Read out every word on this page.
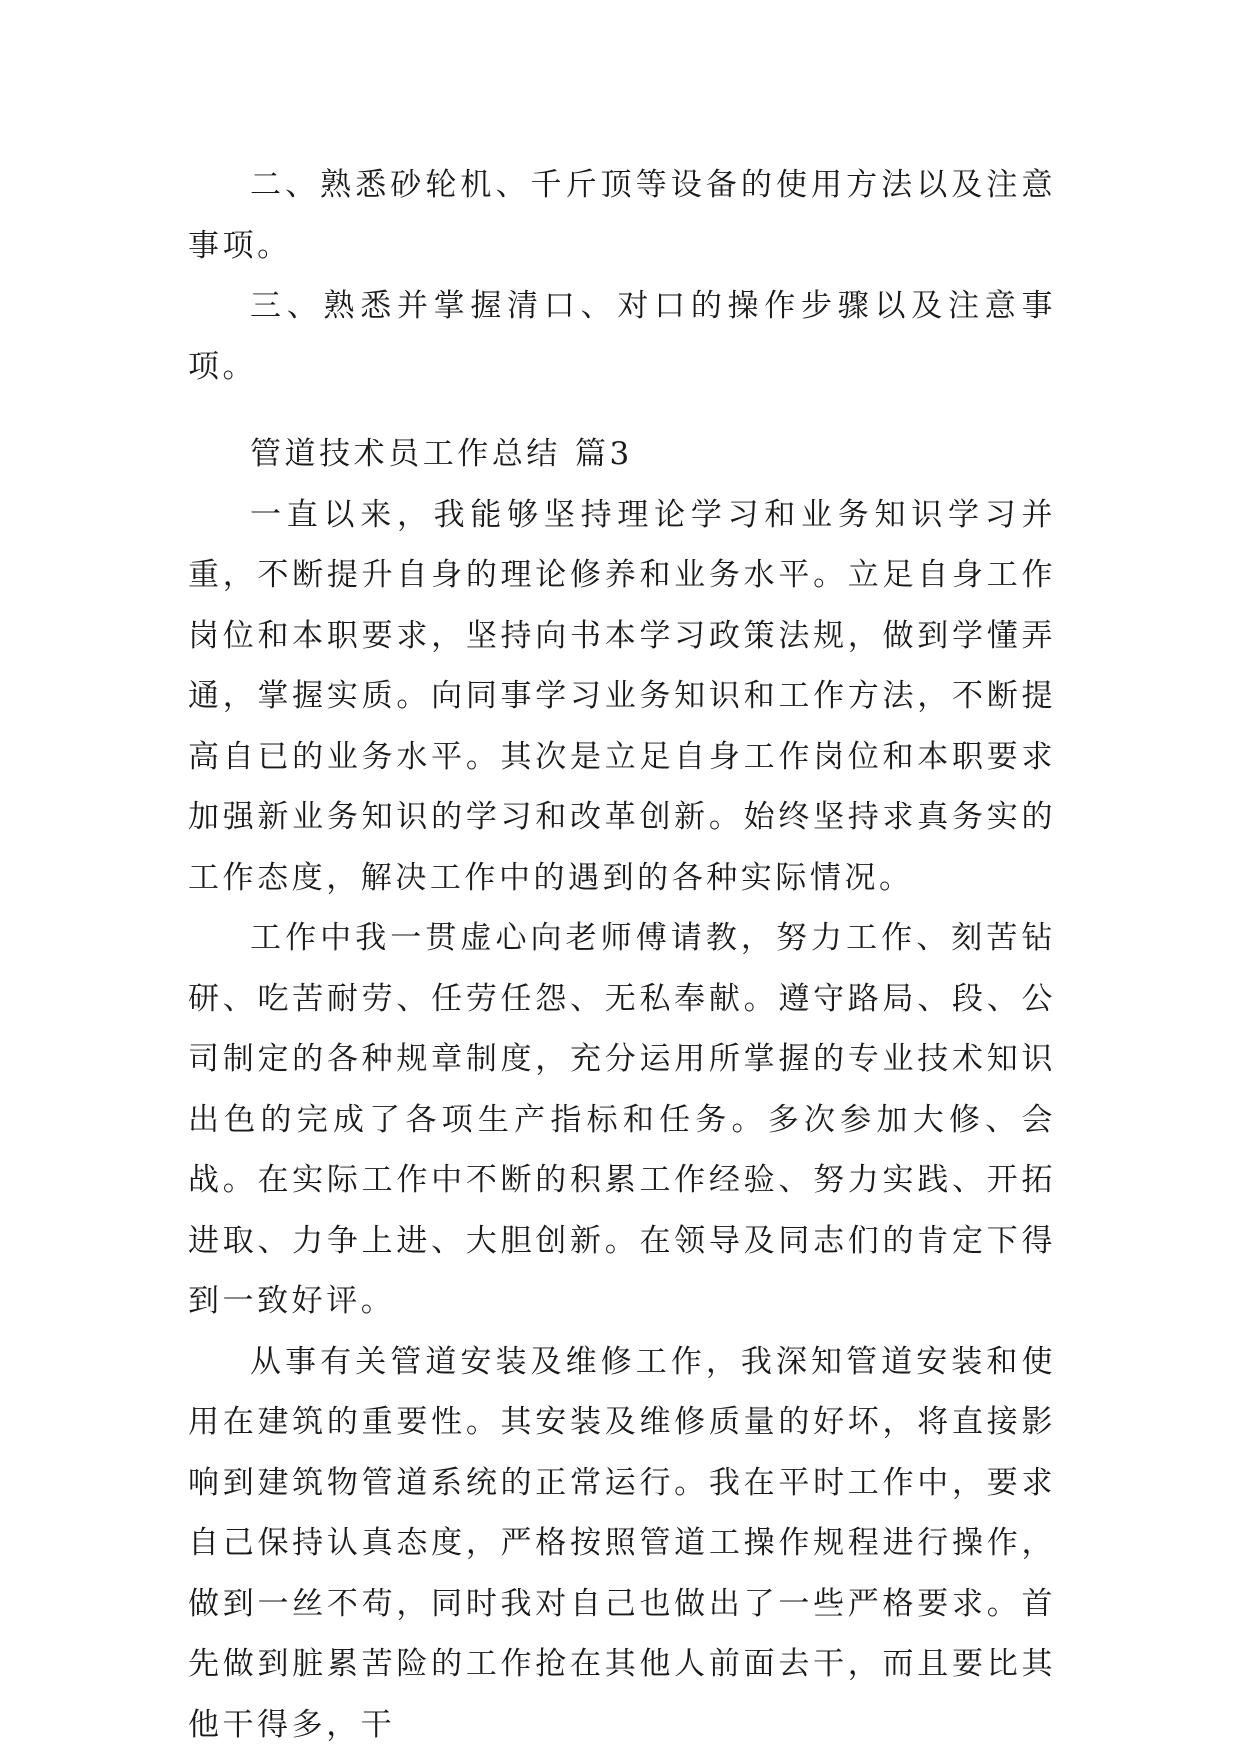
二、熟悉砂轮机、千斤顶等设备的使用方法以及注意事项。

三、熟悉并掌握清口、对口的操作步骤以及注意事项。

管道技术员工作总结 篇3

一直以来，我能够坚持理论学习和业务知识学习并重，不断提升自身的理论修养和业务水平。立足自身工作岗位和本职要求，坚持向书本学习政策法规，做到学懂弄通，掌握实质。向同事学习业务知识和工作方法，不断提高自已的业务水平。其次是立足自身工作岗位和本职要求加强新业务知识的学习和改革创新。始终坚持求真务实的工作态度，解决工作中的遇到的各种实际情况。

工作中我一贯虚心向老师傅请教，努力工作、刻苦钻研、吃苦耐劳、任劳任怨、无私奉献。遵守路局、段、公司制定的各种规章制度，充分运用所掌握的专业技术知识出色的完成了各项生产指标和任务。多次参加大修、会战。在实际工作中不断的积累工作经验、努力实践、开拓进取、力争上进、大胆创新。在领导及同志们的肯定下得到一致好评。

从事有关管道安装及维修工作，我深知管道安装和使用在建筑的重要性。其安装及维修质量的好坏，将直接影响到建筑物管道系统的正常运行。我在平时工作中，要求自己保持认真态度，严格按照管道工操作规程进行操作，做到一丝不苟，同时我对自己也做出了一些严格要求。首先做到脏累苦险的工作抢在其他人前面去干，而且要比其他干得多，干
